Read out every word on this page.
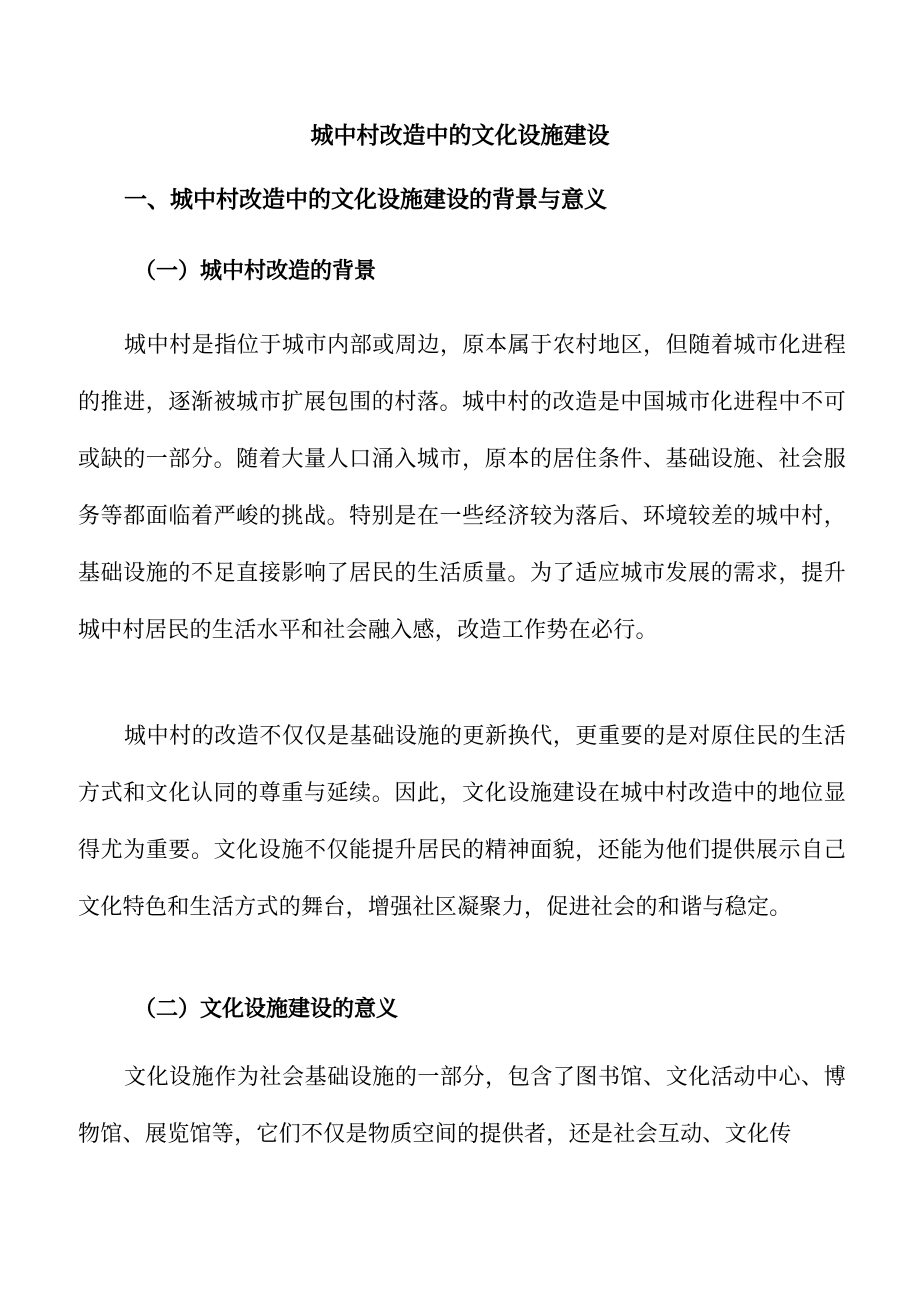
城中村改造中的文化设施建设
一、城中村改造中的文化设施建设的背景与意义
（一）城中村改造的背景

城中村是指位于城市内部或周边，原本属于农村地区，但随着城市化进程的推进，逐渐被城市扩展包围的村落。城中村的改造是中国城市化进程中不可或缺的一部分。随着大量人口涌入城市，原本的居住条件、基础设施、社会服务等都面临着严峻的挑战。特别是在一些经济较为落后、环境较差的城中村，基础设施的不足直接影响了居民的生活质量。为了适应城市发展的需求，提升城中村居民的生活水平和社会融入感，改造工作势在必行。

城中村的改造不仅仅是基础设施的更新换代，更重要的是对原住民的生活方式和文化认同的尊重与延续。因此，文化设施建设在城中村改造中的地位显得尤为重要。文化设施不仅能提升居民的精神面貌，还能为他们提供展示自己文化特色和生活方式的舞台，增强社区凝聚力，促进社会的和谐与稳定。

（二）文化设施建设的意义

文化设施作为社会基础设施的一部分，包含了图书馆、文化活动中心、博物馆、展览馆等，它们不仅是物质空间的提供者，还是社会互动、文化传
